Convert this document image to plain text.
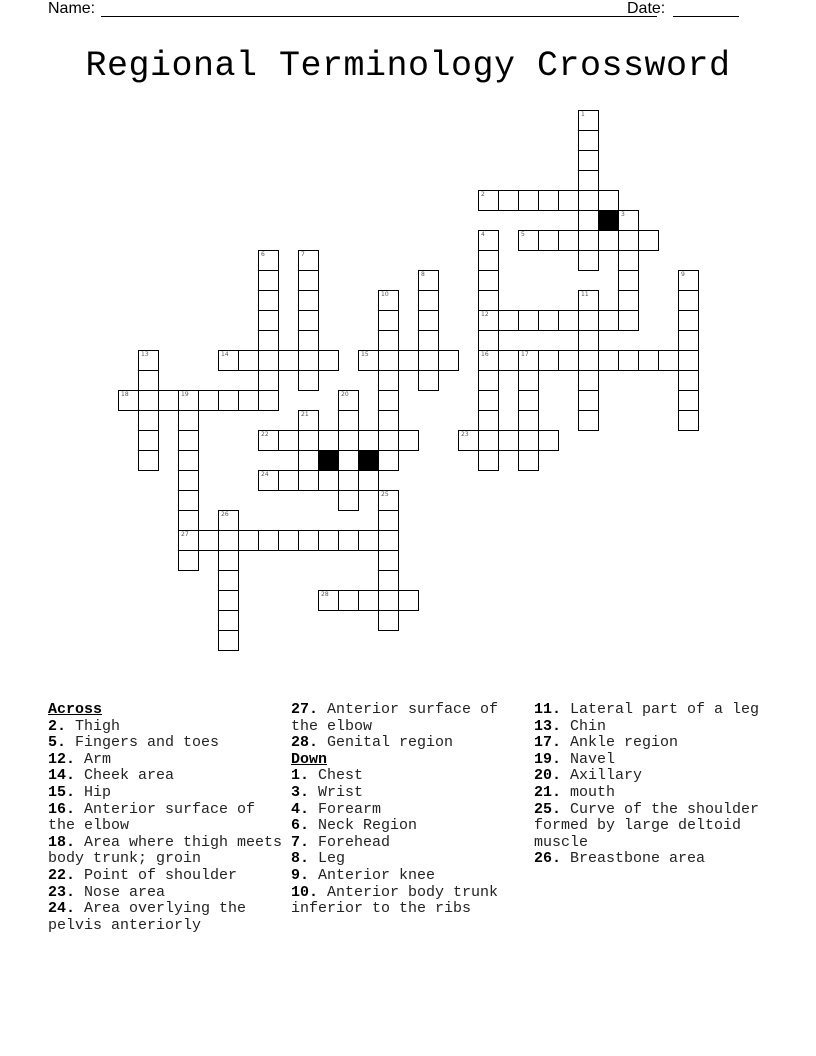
Name:	Date:
Regional Terminology Crossword
1
2
3
4
12
16
5
6	7
8	9
10	11
13	14	15	17
18	19
27
20
21
22	23
24
25
26
28
Across
2. Thigh
5. Fingers and toes
12. Arm
14. Cheek area
15. Hip
16. Anterior surface of the elbow
18. Area where thigh meets body trunk; groin
22. Point of shoulder
23. Nose area
24. Area overlying the pelvis anteriorly
27. Anterior surface of the elbow
28. Genital region
Down
1. Chest
3. Wrist
4. Forearm
6. Neck Region
7. Forehead
8. Leg
9. Anterior knee
10. Anterior body trunk inferior to the ribs
11. Lateral part of a leg
13. Chin
17. Ankle region
19. Navel
20. Axillary
21. mouth
25. Curve of the shoulder formed by large deltoid muscle
26. Breastbone area
